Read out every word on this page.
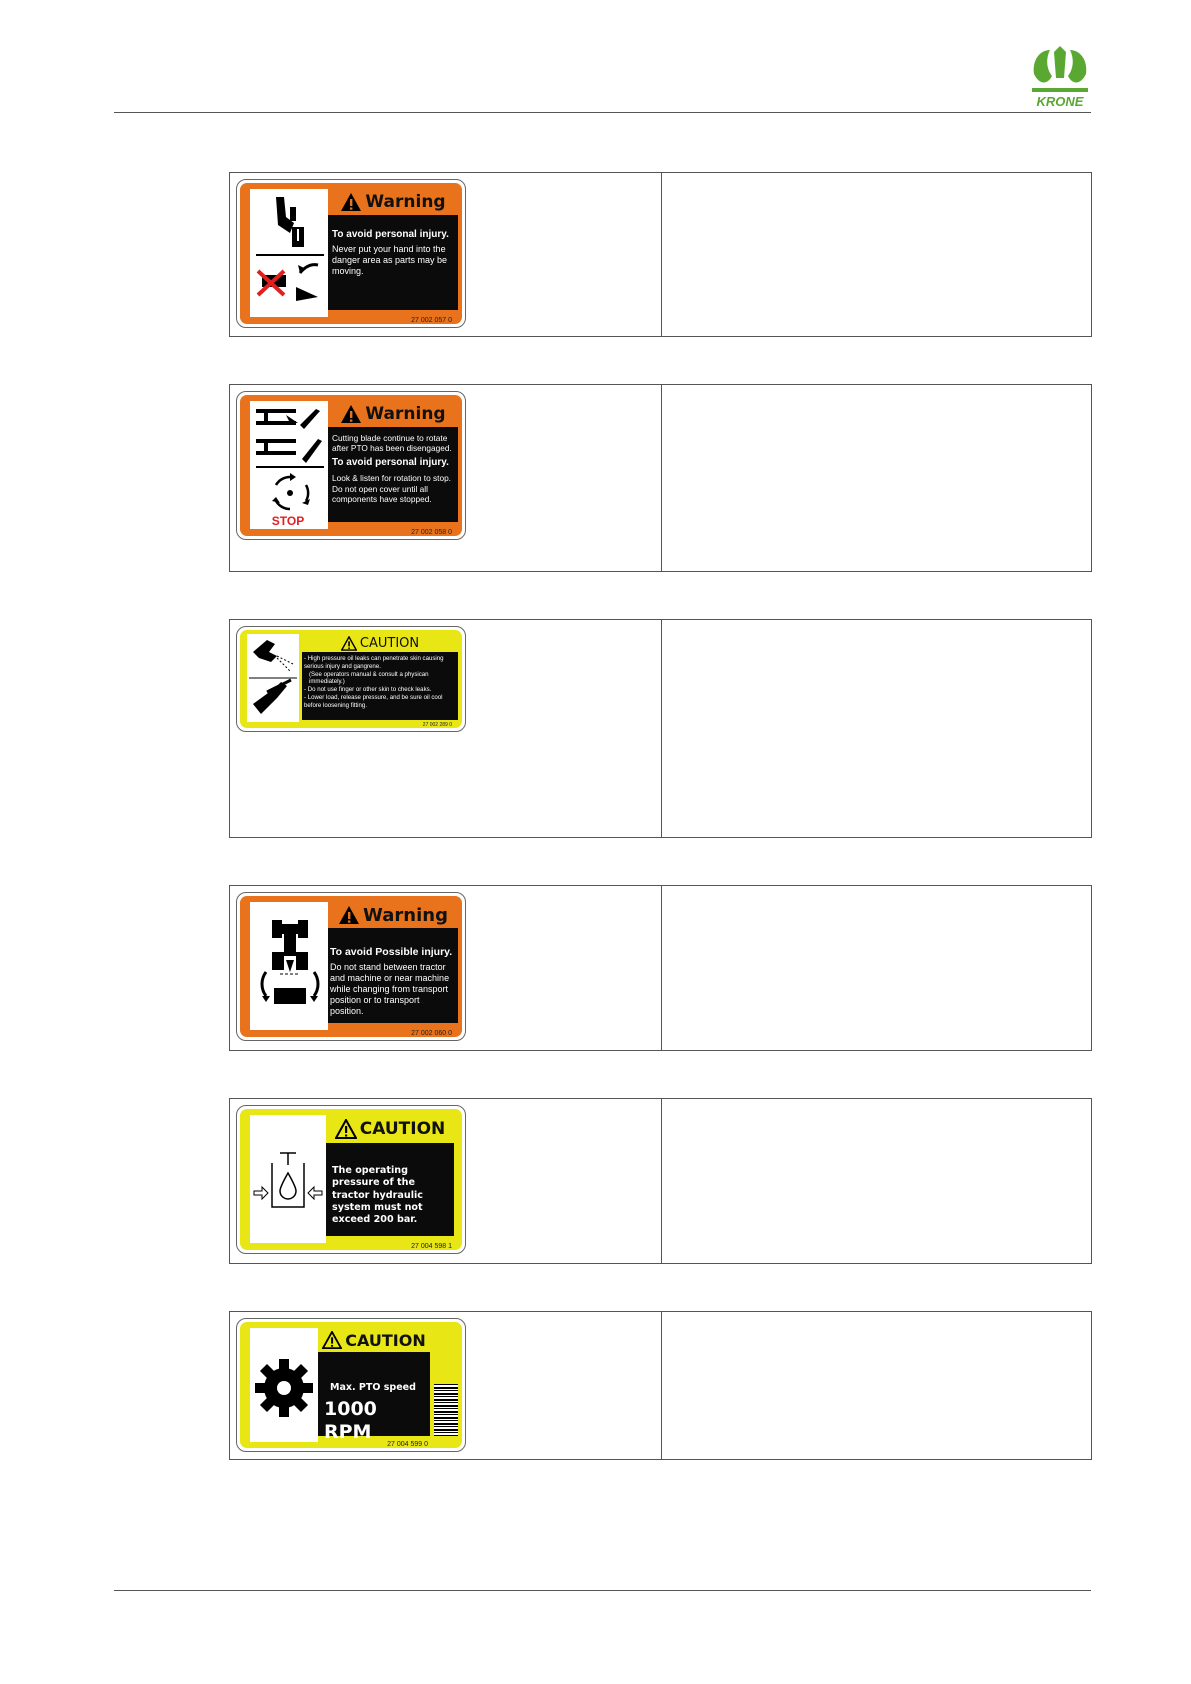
KRONE
Warning

To avoid personal injury.

Never put your hand into the danger area as parts may be moving.

27 002 057 0
STOP
Warning

Cutting blade continue to rotate after PTO has been disengaged.

To avoid personal injury.

Look & listen for rotation to stop. Do not open cover until all components have stopped.

27 002 058 0
CAUTION

- High pressure oil leaks can penetrate skin causing serious injury and gangrene.

(See operators manual & consult a physican immediately.)

- Do not use finger or other skin to check leaks.

- Lower load, release pressure, and be sure oil cool before loosening fitting.

27 002 289 0
Warning

To avoid Possible injury.

Do not stand between tractor and machine or near machine while changing from transport position or to transport position.

27 002 060 0
CAUTION

The operating pressure of the tractor hydraulic system must not exceed 200 bar.

27 004 598 1
CAUTION

Max. PTO speed

1000 RPM

27 004 599 0
